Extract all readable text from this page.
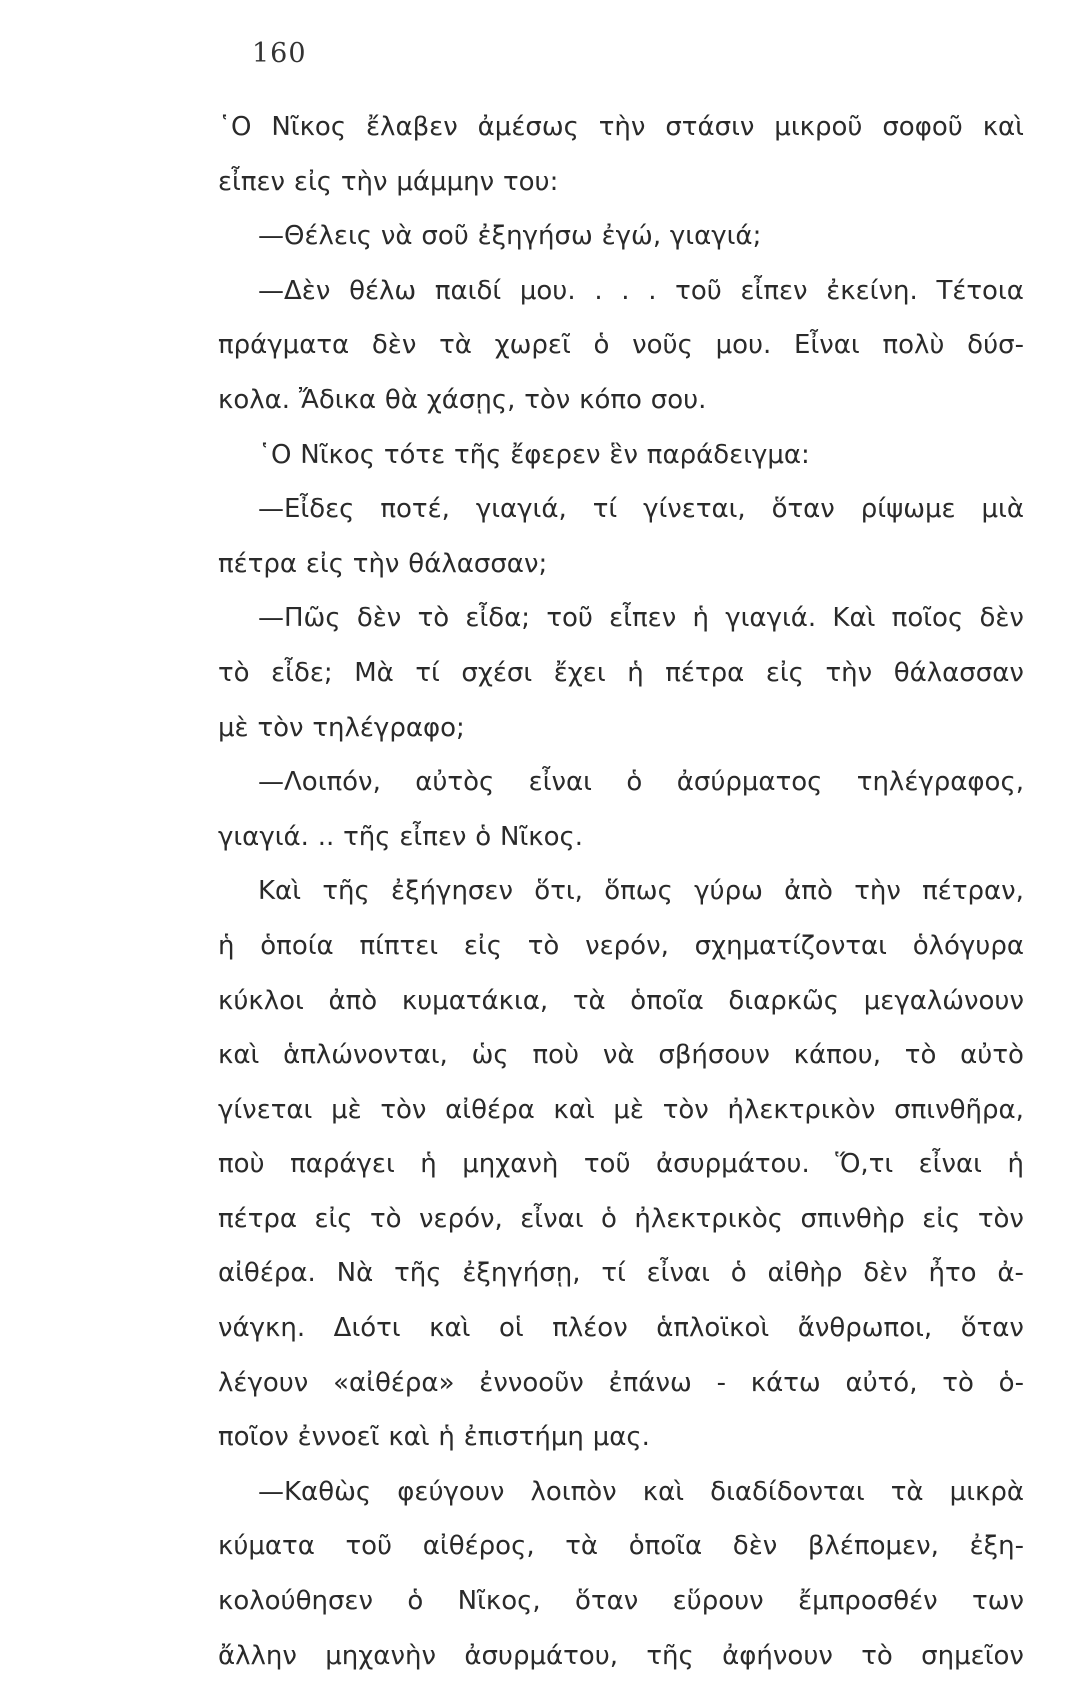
160
῾Ο Νῖκος ἔλαβεν ἀμέσως τὴν στάσιν μικροῦ σοφοῦ καὶ
εἶπεν εἰς τὴν μάμμην του:
—Θέλεις νὰ σοῦ ἐξηγήσω ἐγώ, γιαγιά;
—Δὲν θέλω παιδί μου. . . . τοῦ εἶπεν ἐκείνη. Τέτοια
πράγματα δὲν τὰ χωρεῖ ὁ νοῦς μου. Εἶναι πολὺ δύσ-
κολα. Ἄδικα θὰ χάσῃς, τὸν κόπο σου.
῾Ο Νῖκος τότε τῆς ἔφερεν ἓν παράδειγμα:
—Εἶδες ποτέ, γιαγιά, τί γίνεται, ὅταν ρίψωμε μιὰ
πέτρα εἰς τὴν θάλασσαν;
—Πῶς δὲν τὸ εἶδα; τοῦ εἶπεν ἡ γιαγιά. Καὶ ποῖος δὲν
τὸ εἶδε; Μὰ τί σχέσι ἔχει ἡ πέτρα εἰς τὴν θάλασσαν
μὲ τὸν τηλέγραφο;
—Λοιπόν, αὐτὸς εἶναι ὁ ἀσύρματος τηλέγραφος,
γιαγιά. .. τῆς εἶπεν ὁ Νῖκος.
Καὶ τῆς ἐξήγησεν ὅτι, ὅπως γύρω ἀπὸ τὴν πέτραν,
ἡ ὁποία πίπτει εἰς τὸ νερόν, σχηματίζονται ὁλόγυρα
κύκλοι ἀπὸ κυματάκια, τὰ ὁποῖα διαρκῶς μεγαλώνουν
καὶ ἁπλώνονται, ὡς ποὺ νὰ σβήσουν κάπου, τὸ αὐτὸ
γίνεται μὲ τὸν αἰθέρα καὶ μὲ τὸν ἠλεκτρικὸν σπινθῆρα,
ποὺ παράγει ἡ μηχανὴ τοῦ ἀσυρμάτου. Ὅ,τι εἶναι ἡ
πέτρα εἰς τὸ νερόν, εἶναι ὁ ἠλεκτρικὸς σπινθὴρ εἰς τὸν
αἰθέρα. Νὰ τῆς ἐξηγήσῃ, τί εἶναι ὁ αἰθὴρ δὲν ἦτο ἀ-
νάγκη. Διότι καὶ οἱ πλέον ἁπλοϊκοὶ ἄνθρωποι, ὅταν
λέγουν «αἰθέρα» ἐννοοῦν ἐπάνω - κάτω αὐτό, τὸ ὁ-
ποῖον ἐννοεῖ καὶ ἡ ἐπιστήμη μας.
—Καθὼς φεύγουν λοιπὸν καὶ διαδίδονται τὰ μικρὰ
κύματα τοῦ αἰθέρος, τὰ ὁποῖα δὲν βλέπομεν, ἐξη-
κολούθησεν ὁ Νῖκος, ὅταν εὕρουν ἔμπροσθέν των
ἄλλην μηχανὴν ἀσυρμάτου, τῆς ἀφήνουν τὸ σημεῖον
